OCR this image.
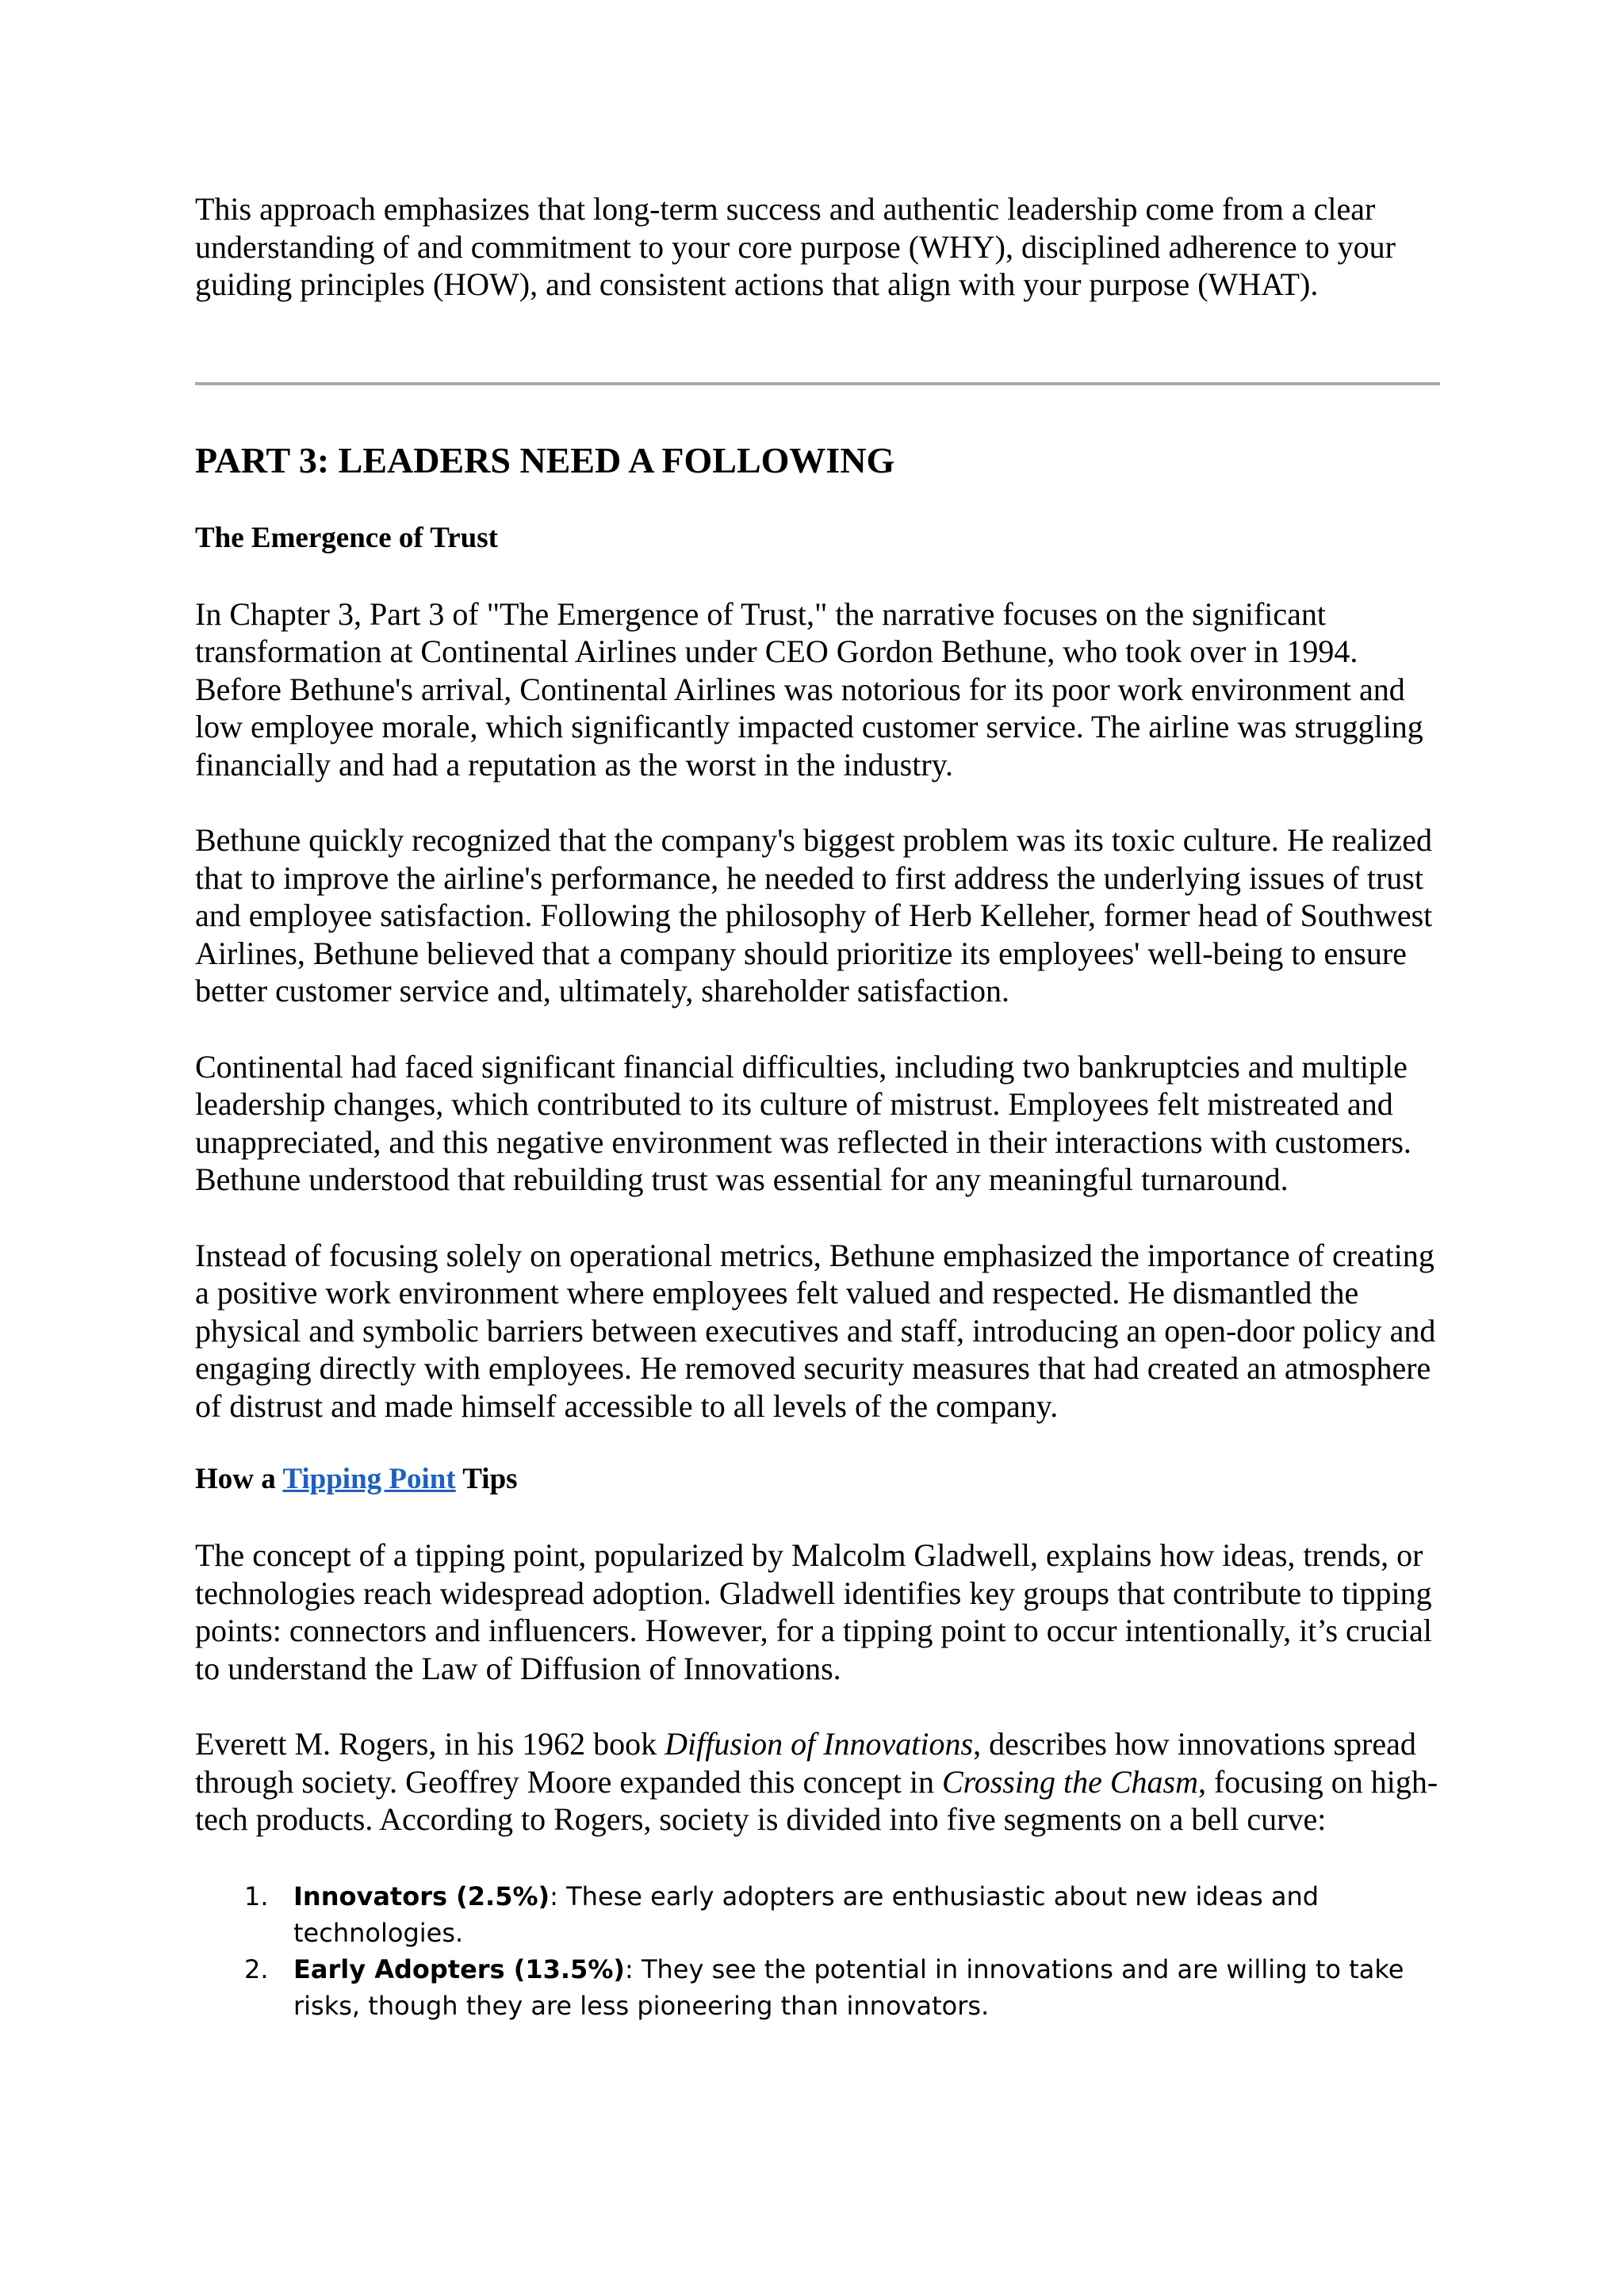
This approach emphasizes that long-term success and authentic leadership come from a clear understanding of and commitment to your core purpose (WHY), disciplined adherence to your guiding principles (HOW), and consistent actions that align with your purpose (WHAT).

PART 3: LEADERS NEED A FOLLOWING
The Emergence of Trust

In Chapter 3, Part 3 of "The Emergence of Trust," the narrative focuses on the significant transformation at Continental Airlines under CEO Gordon Bethune, who took over in 1994. Before Bethune's arrival, Continental Airlines was notorious for its poor work environment and low employee morale, which significantly impacted customer service. The airline was struggling financially and had a reputation as the worst in the industry.

Bethune quickly recognized that the company's biggest problem was its toxic culture. He realized that to improve the airline's performance, he needed to first address the underlying issues of trust and employee satisfaction. Following the philosophy of Herb Kelleher, former head of Southwest Airlines, Bethune believed that a company should prioritize its employees' well-being to ensure better customer service and, ultimately, shareholder satisfaction.

Continental had faced significant financial difficulties, including two bankruptcies and multiple leadership changes, which contributed to its culture of mistrust. Employees felt mistreated and unappreciated, and this negative environment was reflected in their interactions with customers. Bethune understood that rebuilding trust was essential for any meaningful turnaround.

Instead of focusing solely on operational metrics, Bethune emphasized the importance of creating a positive work environment where employees felt valued and respected. He dismantled the physical and symbolic barriers between executives and staff, introducing an open-door policy and engaging directly with employees. He removed security measures that had created an atmosphere of distrust and made himself accessible to all levels of the company.

How a Tipping Point Tips

The concept of a tipping point, popularized by Malcolm Gladwell, explains how ideas, trends, or technologies reach widespread adoption. Gladwell identifies key groups that contribute to tipping points: connectors and influencers. However, for a tipping point to occur intentionally, it’s crucial to understand the Law of Diffusion of Innovations.

Everett M. Rogers, in his 1962 book Diffusion of Innovations, describes how innovations spread through society. Geoffrey Moore expanded this concept in Crossing the Chasm, focusing on high-tech products. According to Rogers, society is divided into five segments on a bell curve:

1. Innovators (2.5%): These early adopters are enthusiastic about new ideas and technologies.
2. Early Adopters (13.5%): They see the potential in innovations and are willing to take risks, though they are less pioneering than innovators.
